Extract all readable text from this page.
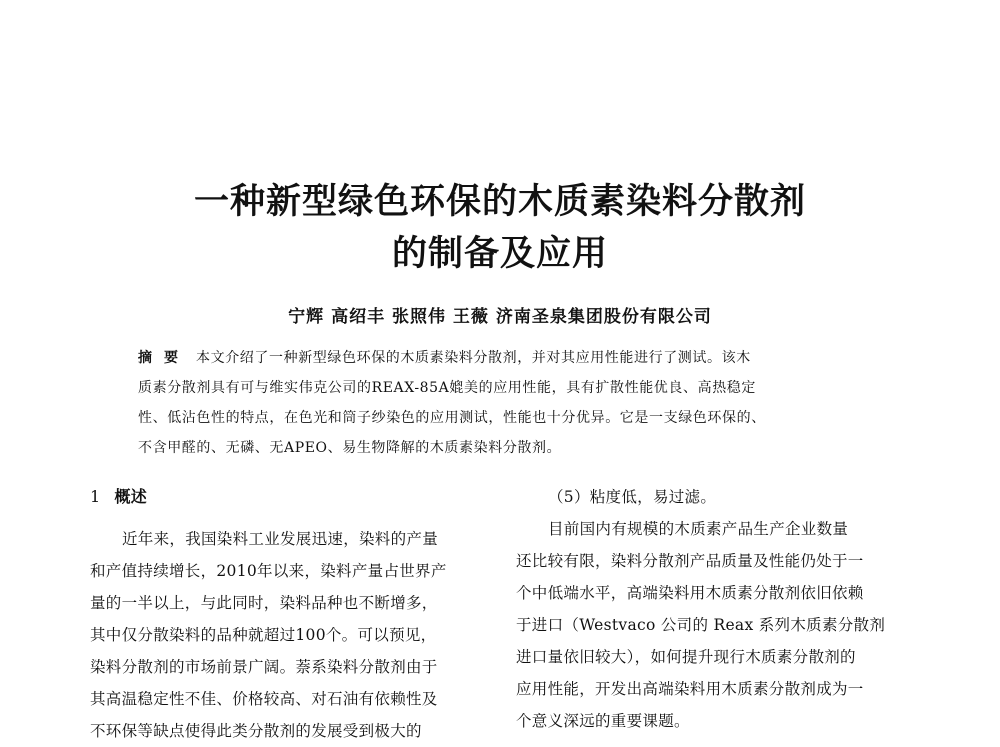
一种新型绿色环保的木质素染料分散剂
的制备及应用
宁辉 高绍丰 张照伟 王薇 济南圣泉集团股份有限公司
摘要 本文介绍了一种新型绿色环保的木质素染料分散剂，并对其应用性能进行了测试。该木
质素分散剂具有可与维实伟克公司的REAX-85A媲美的应用性能，具有扩散性能优良、高热稳定
性、低沾色性的特点，在色光和筒子纱染色的应用测试，性能也十分优异。它是一支绿色环保的、
不含甲醛的、无磷、无APEO、易生物降解的木质素染料分散剂。
1 概述
近年来，我国染料工业发展迅速，染料的产量
和产值持续增长，2010年以来，染料产量占世界产
量的一半以上，与此同时，染料品种也不断增多，
其中仅分散染料的品种就超过100个。可以预见，
染料分散剂的市场前景广阔。萘系染料分散剂由于
其高温稳定性不佳、价格较高、对石油有依赖性及
不环保等缺点使得此类分散剂的发展受到极大的
（5）粘度低，易过滤。
目前国内有规模的木质素产品生产企业数量
还比较有限，染料分散剂产品质量及性能仍处于一
个中低端水平，高端染料用木质素分散剂依旧依赖
于进口（Westvaco 公司的 Reax 系列木质素分散剂
进口量依旧较大），如何提升现行木质素分散剂的
应用性能，开发出高端染料用木质素分散剂成为一
个意义深远的重要课题。
